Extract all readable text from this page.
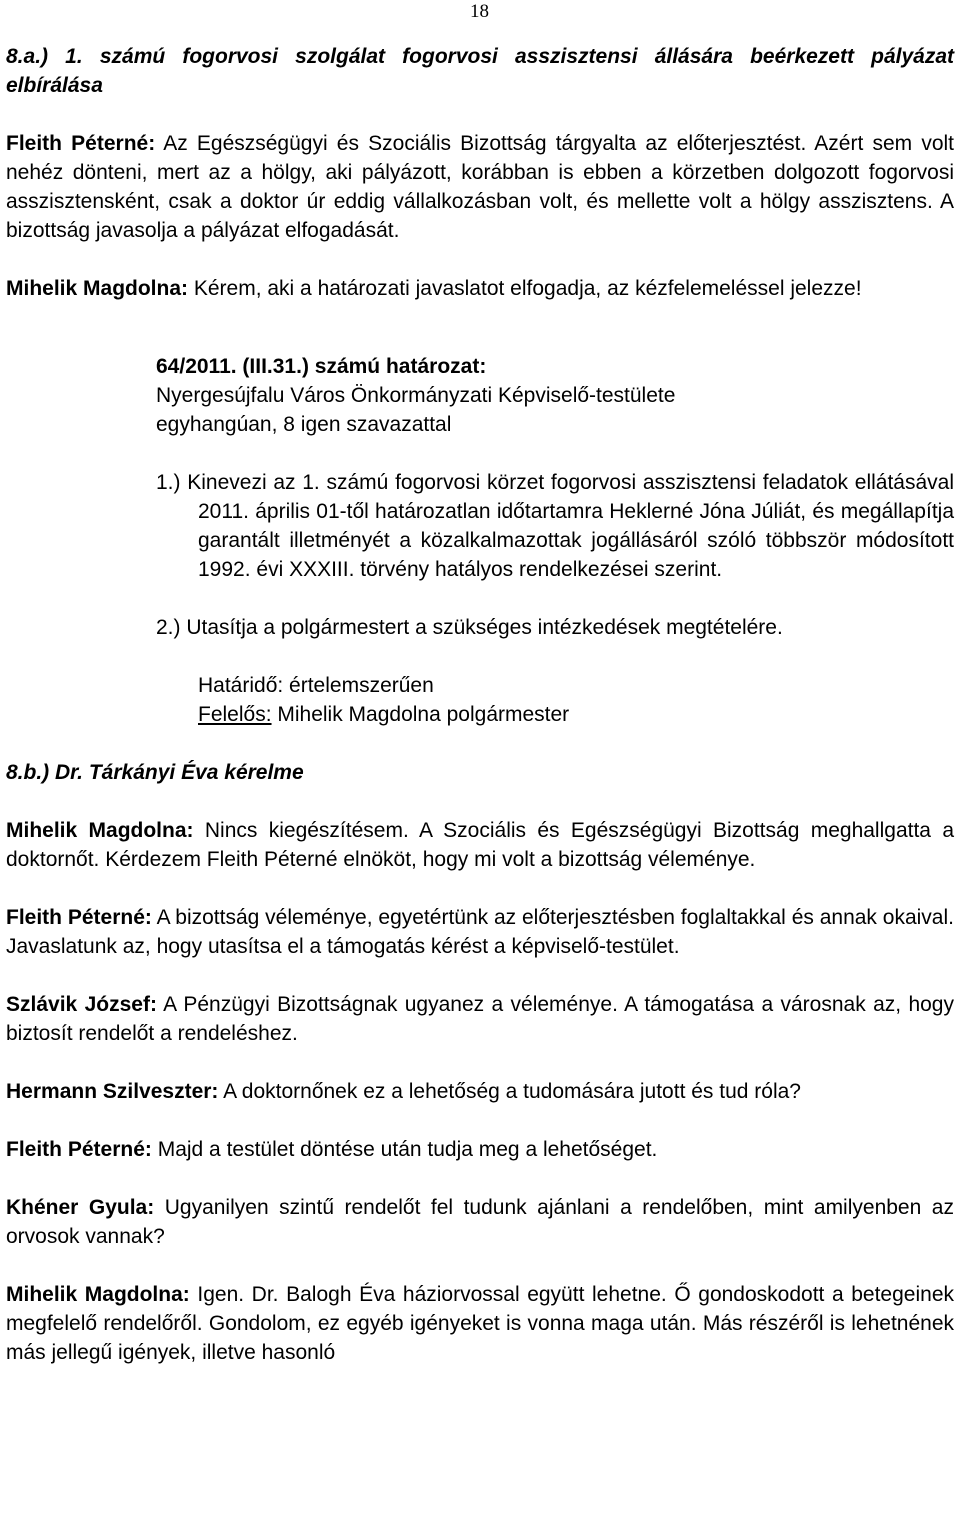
18

8.a.) 1. számú fogorvosi szolgálat fogorvosi asszisztensi állására beérkezett pályázat elbírálása

Fleith Péterné: Az Egészségügyi és Szociális Bizottság tárgyalta az előterjesztést. Azért sem volt nehéz dönteni, mert az a hölgy, aki pályázott, korábban is ebben a körzetben dolgozott fogorvosi asszisztensként, csak a doktor úr eddig vállalkozásban volt, és mellette volt a hölgy asszisztens. A bizottság javasolja a pályázat elfogadását.

Mihelik Magdolna: Kérem, aki a határozati javaslatot elfogadja, az kézfelemeléssel jelezze!

64/2011. (III.31.) számú határozat:

Nyergesújfalu Város Önkormányzati Képviselő-testülete

egyhangúan, 8 igen szavazattal

1.) Kinevezi az 1. számú fogorvosi körzet fogorvosi asszisztensi feladatok ellátásával 2011. április 01-től határozatlan időtartamra Heklerné Jóna Júliát, és megállapítja garantált illetményét a közalkalmazottak jogállásáról szóló többször módosított 1992. évi XXXIII. törvény hatályos rendelkezései szerint.

2.) Utasítja a polgármestert a szükséges intézkedések megtételére.

Határidő: értelemszerűen

Felelős: Mihelik Magdolna polgármester

8.b.) Dr. Tárkányi Éva kérelme

Mihelik Magdolna: Nincs kiegészítésem. A Szociális és Egészségügyi Bizottság meghallgatta a doktornőt. Kérdezem Fleith Péterné elnököt, hogy mi volt a bizottság véleménye.

Fleith Péterné: A bizottság véleménye, egyetértünk az előterjesztésben foglaltakkal és annak okaival. Javaslatunk az, hogy utasítsa el a támogatás kérést a képviselő-testület.

Szlávik József: A Pénzügyi Bizottságnak ugyanez a véleménye. A támogatása a városnak az, hogy biztosít rendelőt a rendeléshez.

Hermann Szilveszter: A doktornőnek ez a lehetőség a tudomására jutott és tud róla?

Fleith Péterné: Majd a testület döntése után tudja meg a lehetőséget.

Khéner Gyula: Ugyanilyen szintű rendelőt fel tudunk ajánlani a rendelőben, mint amilyenben az orvosok vannak?

Mihelik Magdolna: Igen. Dr. Balogh Éva háziorvossal együtt lehetne. Ő gondoskodott a betegeinek megfelelő rendelőről. Gondolom, ez egyéb igényeket is vonna maga után. Más részéről is lehetnének más jellegű igények, illetve hasonló
